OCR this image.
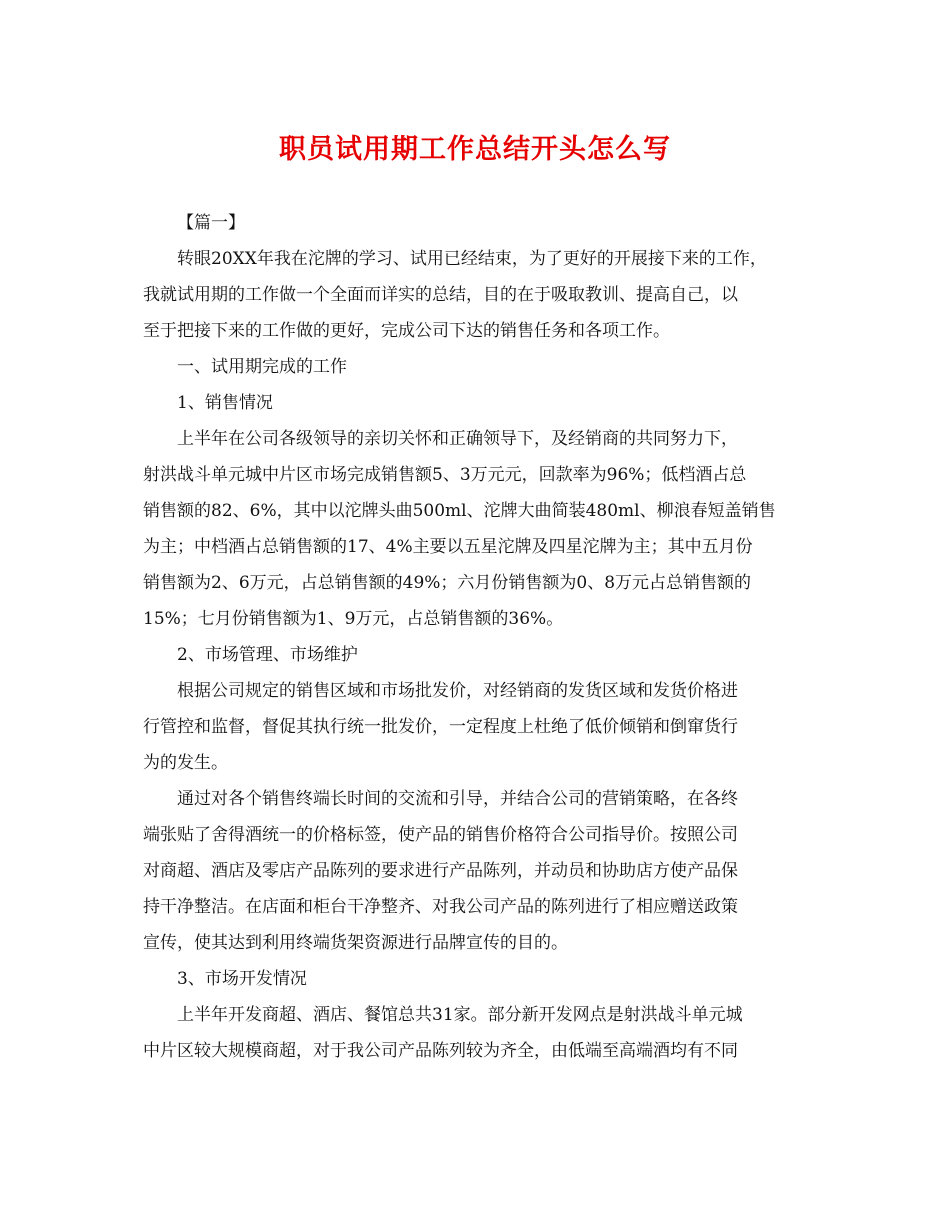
职员试用期工作总结开头怎么写
【篇一】
转眼20XX年我在沱牌的学习、试用已经结束，为了更好的开展接下来的工作，
我就试用期的工作做一个全面而详实的总结，目的在于吸取教训、提高自己，以
至于把接下来的工作做的更好，完成公司下达的销售任务和各项工作。
一、试用期完成的工作
1、销售情况
上半年在公司各级领导的亲切关怀和正确领导下，及经销商的共同努力下，
射洪战斗单元城中片区市场完成销售额5、3万元元，回款率为96%；低档酒占总
销售额的82、6%，其中以沱牌头曲500ml、沱牌大曲简装480ml、柳浪春短盖销售
为主；中档酒占总销售额的17、4%主要以五星沱牌及四星沱牌为主；其中五月份
销售额为2、6万元，占总销售额的49%；六月份销售额为0、8万元占总销售额的
15%；七月份销售额为1、9万元，占总销售额的36%。
2、市场管理、市场维护
根据公司规定的销售区域和市场批发价，对经销商的发货区域和发货价格进
行管控和监督，督促其执行统一批发价，一定程度上杜绝了低价倾销和倒窜货行
为的发生。
通过对各个销售终端长时间的交流和引导，并结合公司的营销策略，在各终
端张贴了舍得酒统一的价格标签，使产品的销售价格符合公司指导价。按照公司
对商超、酒店及零店产品陈列的要求进行产品陈列，并动员和协助店方使产品保
持干净整洁。在店面和柜台干净整齐、对我公司产品的陈列进行了相应赠送政策
宣传，使其达到利用终端货架资源进行品牌宣传的目的。
3、市场开发情况
上半年开发商超、酒店、餐馆总共31家。部分新开发网点是射洪战斗单元城
中片区较大规模商超，对于我公司产品陈列较为齐全，由低端至高端酒均有不同
